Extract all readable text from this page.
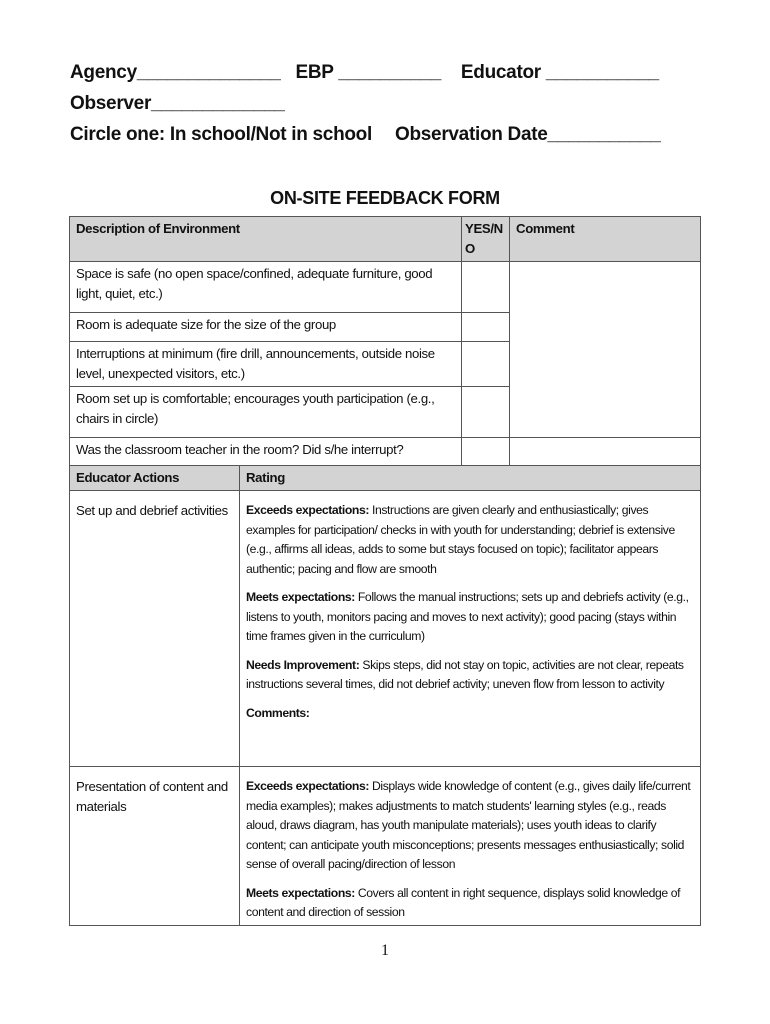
Agency______________ EBP __________ Educator ___________
Observer_____________
Circle one: In school/Not in school Observation Date___________
ON-SITE FEEDBACK FORM
Description of Environment		YES/NO	Comment
Space is safe (no open space/confined, adequate furniture, good light, quiet, etc.)			
Room is adequate size for the size of the group			
Interruptions at minimum (fire drill, announcements, outside noise level, unexpected visitors, etc.)			
Room set up is comfortable; encourages youth participation (e.g., chairs in circle)			
Was the classroom teacher in the room? Did s/he interrupt?			
Educator Actions	Rating		
Set up and debrief activities	Exceeds expectations: Instructions are given clearly and enthusiastically; gives examples for participation/ checks in with youth for understanding; debrief is extensive (e.g., affirms all ideas, adds to some but stays focused on topic); facilitator appears authentic; pacing and flow are smooth

Meets expectations: Follows the manual instructions; sets up and debriefs activity (e.g., listens to youth, monitors pacing and moves to next activity); good pacing (stays within time frames given in the curriculum)

Needs Improvement: Skips steps, did not stay on topic, activities are not clear, repeats instructions several times, did not debrief activity; uneven flow from lesson to activity

Comments:		

Presentation of content and materials	Exceeds expectations: Displays wide knowledge of content (e.g., gives daily life/current media examples); makes adjustments to match students' learning styles (e.g., reads aloud, draws diagram, has youth manipulate materials); uses youth ideas to clarify content; can anticipate youth misconceptions; presents messages enthusiastically; solid sense of overall pacing/direction of lesson

Meets expectations: Covers all content in right sequence, displays solid knowledge of content and direction of session		

1
